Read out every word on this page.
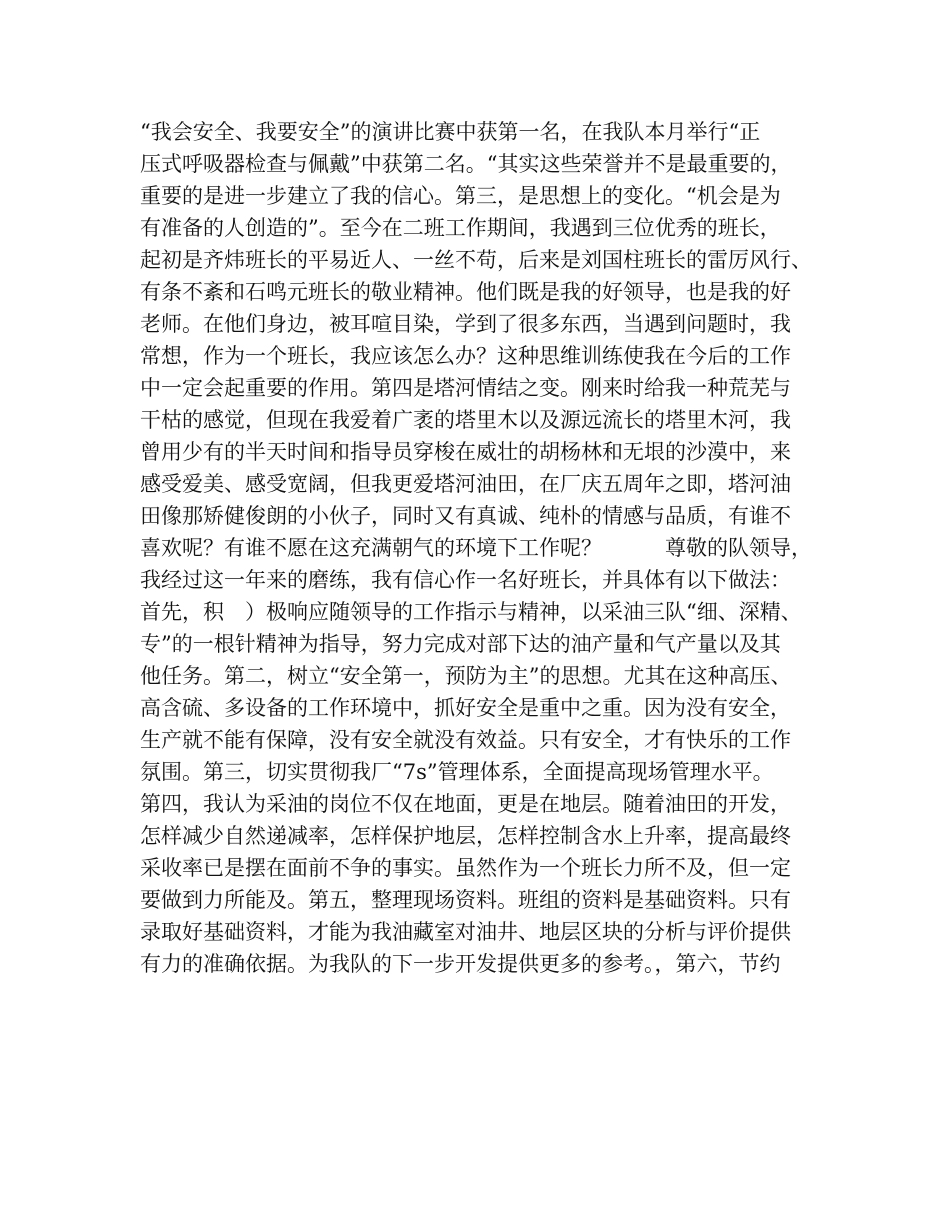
“我会安全、我要安全”的演讲比赛中获第一名，在我队本月举行“正
压式呼吸器检查与佩戴”中获第二名。“其实这些荣誉并不是最重要的，
重要的是进一步建立了我的信心。第三，是思想上的变化。“机会是为
有准备的人创造的”。至今在二班工作期间，我遇到三位优秀的班长，
起初是齐炜班长的平易近人、一丝不苟，后来是刘国柱班长的雷厉风行、
有条不紊和石鸣元班长的敬业精神。他们既是我的好领导，也是我的好
老师。在他们身边，被耳喧目染，学到了很多东西，当遇到问题时，我
常想，作为一个班长，我应该怎么办？这种思维训练使我在今后的工作
中一定会起重要的作用。第四是塔河情结之变。刚来时给我一种荒芜与
干枯的感觉，但现在我爱着广袤的塔里木以及源远流长的塔里木河，我
曾用少有的半天时间和指导员穿梭在威壮的胡杨林和无垠的沙漠中，来
感受爱美、感受宽阔，但我更爱塔河油田，在厂庆五周年之即，塔河油
田像那矫健俊朗的小伙子，同时又有真诚、纯朴的情感与品质，有谁不
喜欢呢？有谁不愿在这充满朝气的环境下工作呢？　　　尊敬的队领导，
我经过这一年来的磨练，我有信心作一名好班长，并具体有以下做法：
首先，积　）极响应随领导的工作指示与精神，以采油三队“细、深精、
专”的一根针精神为指导，努力完成对部下达的油产量和气产量以及其
他任务。第二，树立“安全第一，预防为主”的思想。尤其在这种高压、
高含硫、多设备的工作环境中，抓好安全是重中之重。因为没有安全，
生产就不能有保障，没有安全就没有效益。只有安全，才有快乐的工作
氛围。第三，切实贯彻我厂“7s”管理体系，全面提高现场管理水平。
第四，我认为采油的岗位不仅在地面，更是在地层。随着油田的开发，
怎样减少自然递减率，怎样保护地层，怎样控制含水上升率，提高最终
采收率已是摆在面前不争的事实。虽然作为一个班长力所不及，但一定
要做到力所能及。第五，整理现场资料。班组的资料是基础资料。只有
录取好基础资料，才能为我油藏室对油井、地层区块的分析与评价提供
有力的准确依据。为我队的下一步开发提供更多的参考。，第六，节约
